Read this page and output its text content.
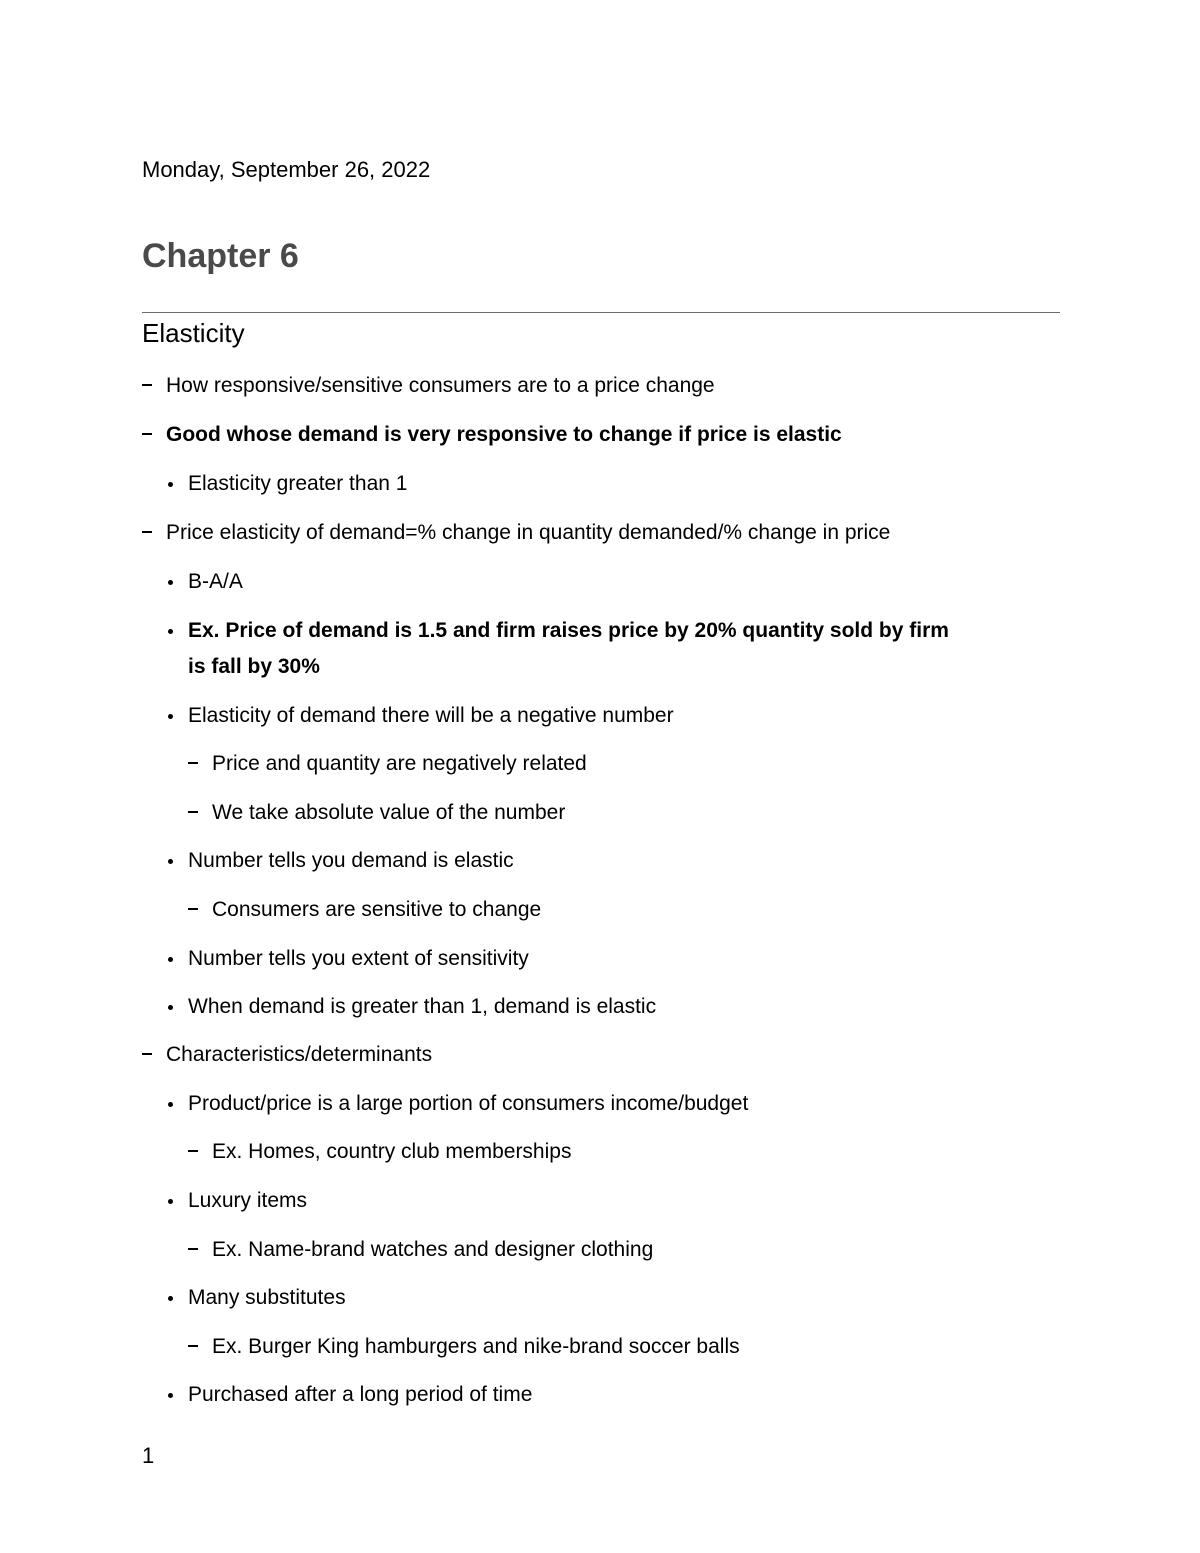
Monday, September 26, 2022
Chapter 6
Elasticity
How responsive/sensitive consumers are to a price change
Good whose demand is very responsive to change if price is elastic
Elasticity greater than 1
Price elasticity of demand=% change in quantity demanded/% change in price
B-A/A
Ex. Price of demand is 1.5 and firm raises price by 20% quantity sold by firm
is fall by 30%
Elasticity of demand there will be a negative number
Price and quantity are negatively related
We take absolute value of the number
Number tells you demand is elastic
Consumers are sensitive to change
Number tells you extent of sensitivity
When demand is greater than 1, demand is elastic
Characteristics/determinants
Product/price is a large portion of consumers income/budget
Ex. Homes, country club memberships
Luxury items
Ex. Name-brand watches and designer clothing
Many substitutes
Ex. Burger King hamburgers and nike-brand soccer balls
Purchased after a long period of time
1
